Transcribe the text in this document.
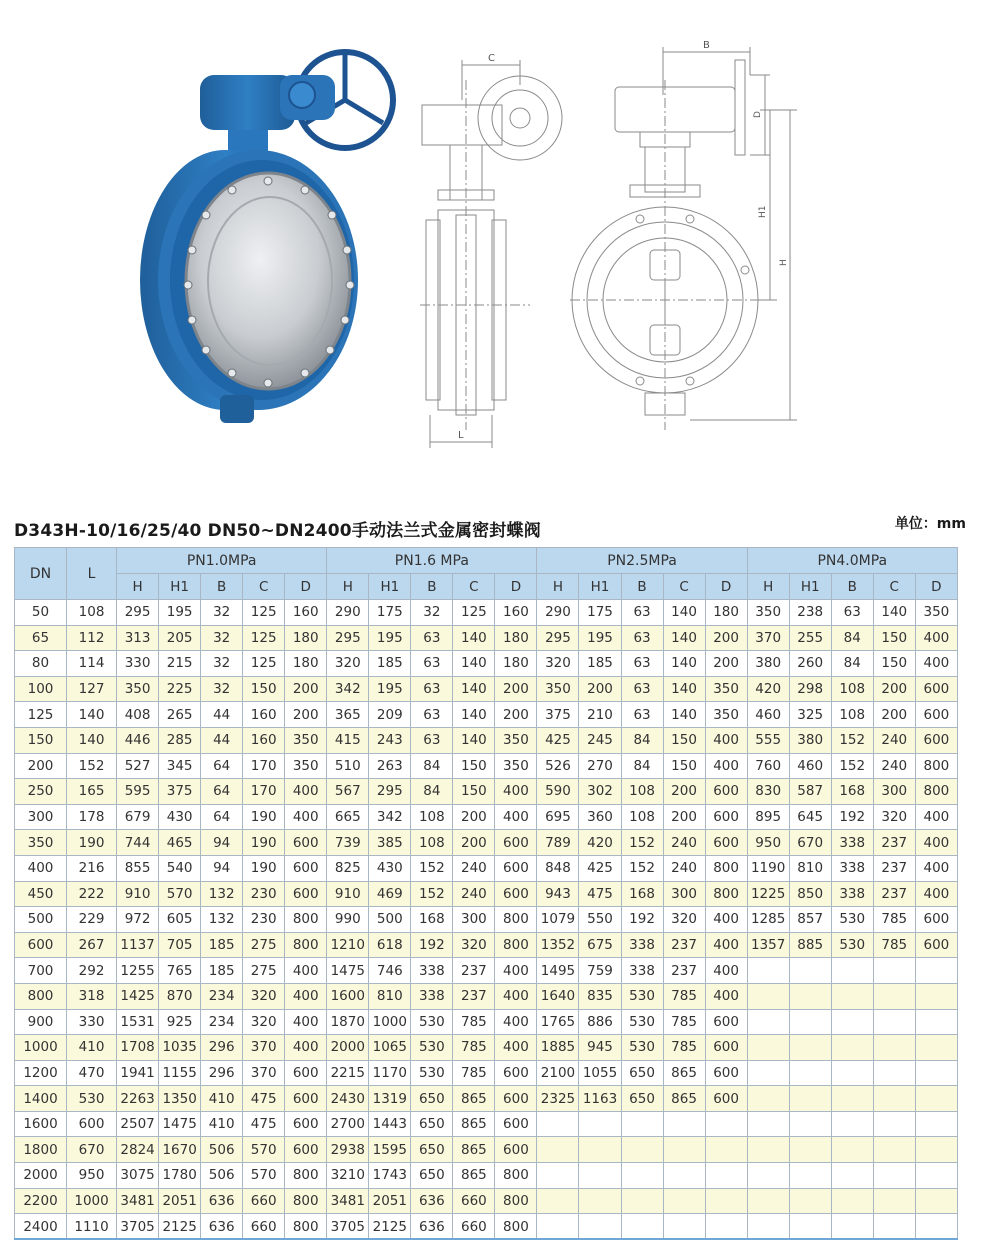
C
L
B
D
H1
H
D343H-10/16/25/40 DN50~DN2400手动法兰式金属密封蝶阀	单位：mm
DN	L	PN1.0MPa					PN1.6 MPa					PN2.5MPa					PN4.0MPa				
		H	H1	B	C	D	H	H1	B	C	D	H	H1	B	C	D	H	H1	B	C	D
50	108	295	195	32	125	160	290	175	32	125	160	290	175	63	140	180	350	238	63	140	350
65	112	313	205	32	125	180	295	195	63	140	180	295	195	63	140	200	370	255	84	150	400
80	114	330	215	32	125	180	320	185	63	140	180	320	185	63	140	200	380	260	84	150	400
100	127	350	225	32	150	200	342	195	63	140	200	350	200	63	140	350	420	298	108	200	600
125	140	408	265	44	160	200	365	209	63	140	200	375	210	63	140	350	460	325	108	200	600
150	140	446	285	44	160	350	415	243	63	140	350	425	245	84	150	400	555	380	152	240	600
200	152	527	345	64	170	350	510	263	84	150	350	526	270	84	150	400	760	460	152	240	800
250	165	595	375	64	170	400	567	295	84	150	400	590	302	108	200	600	830	587	168	300	800
300	178	679	430	64	190	400	665	342	108	200	400	695	360	108	200	600	895	645	192	320	400
350	190	744	465	94	190	600	739	385	108	200	600	789	420	152	240	600	950	670	338	237	400
400	216	855	540	94	190	600	825	430	152	240	600	848	425	152	240	800	1190	810	338	237	400
450	222	910	570	132	230	600	910	469	152	240	600	943	475	168	300	800	1225	850	338	237	400
500	229	972	605	132	230	800	990	500	168	300	800	1079	550	192	320	400	1285	857	530	785	600
600	267	1137	705	185	275	800	1210	618	192	320	800	1352	675	338	237	400	1357	885	530	785	600
700	292	1255	765	185	275	400	1475	746	338	237	400	1495	759	338	237	400					
800	318	1425	870	234	320	400	1600	810	338	237	400	1640	835	530	785	400					
900	330	1531	925	234	320	400	1870	1000	530	785	400	1765	886	530	785	600					
1000	410	1708	1035	296	370	400	2000	1065	530	785	400	1885	945	530	785	600					
1200	470	1941	1155	296	370	600	2215	1170	530	785	600	2100	1055	650	865	600					
1400	530	2263	1350	410	475	600	2430	1319	650	865	600	2325	1163	650	865	600					
1600	600	2507	1475	410	475	600	2700	1443	650	865	600										
1800	670	2824	1670	506	570	600	2938	1595	650	865	600										
2000	950	3075	1780	506	570	800	3210	1743	650	865	800										
2200	1000	3481	2051	636	660	800	3481	2051	636	660	800										
2400	1110	3705	2125	636	660	800	3705	2125	636	660	800										
